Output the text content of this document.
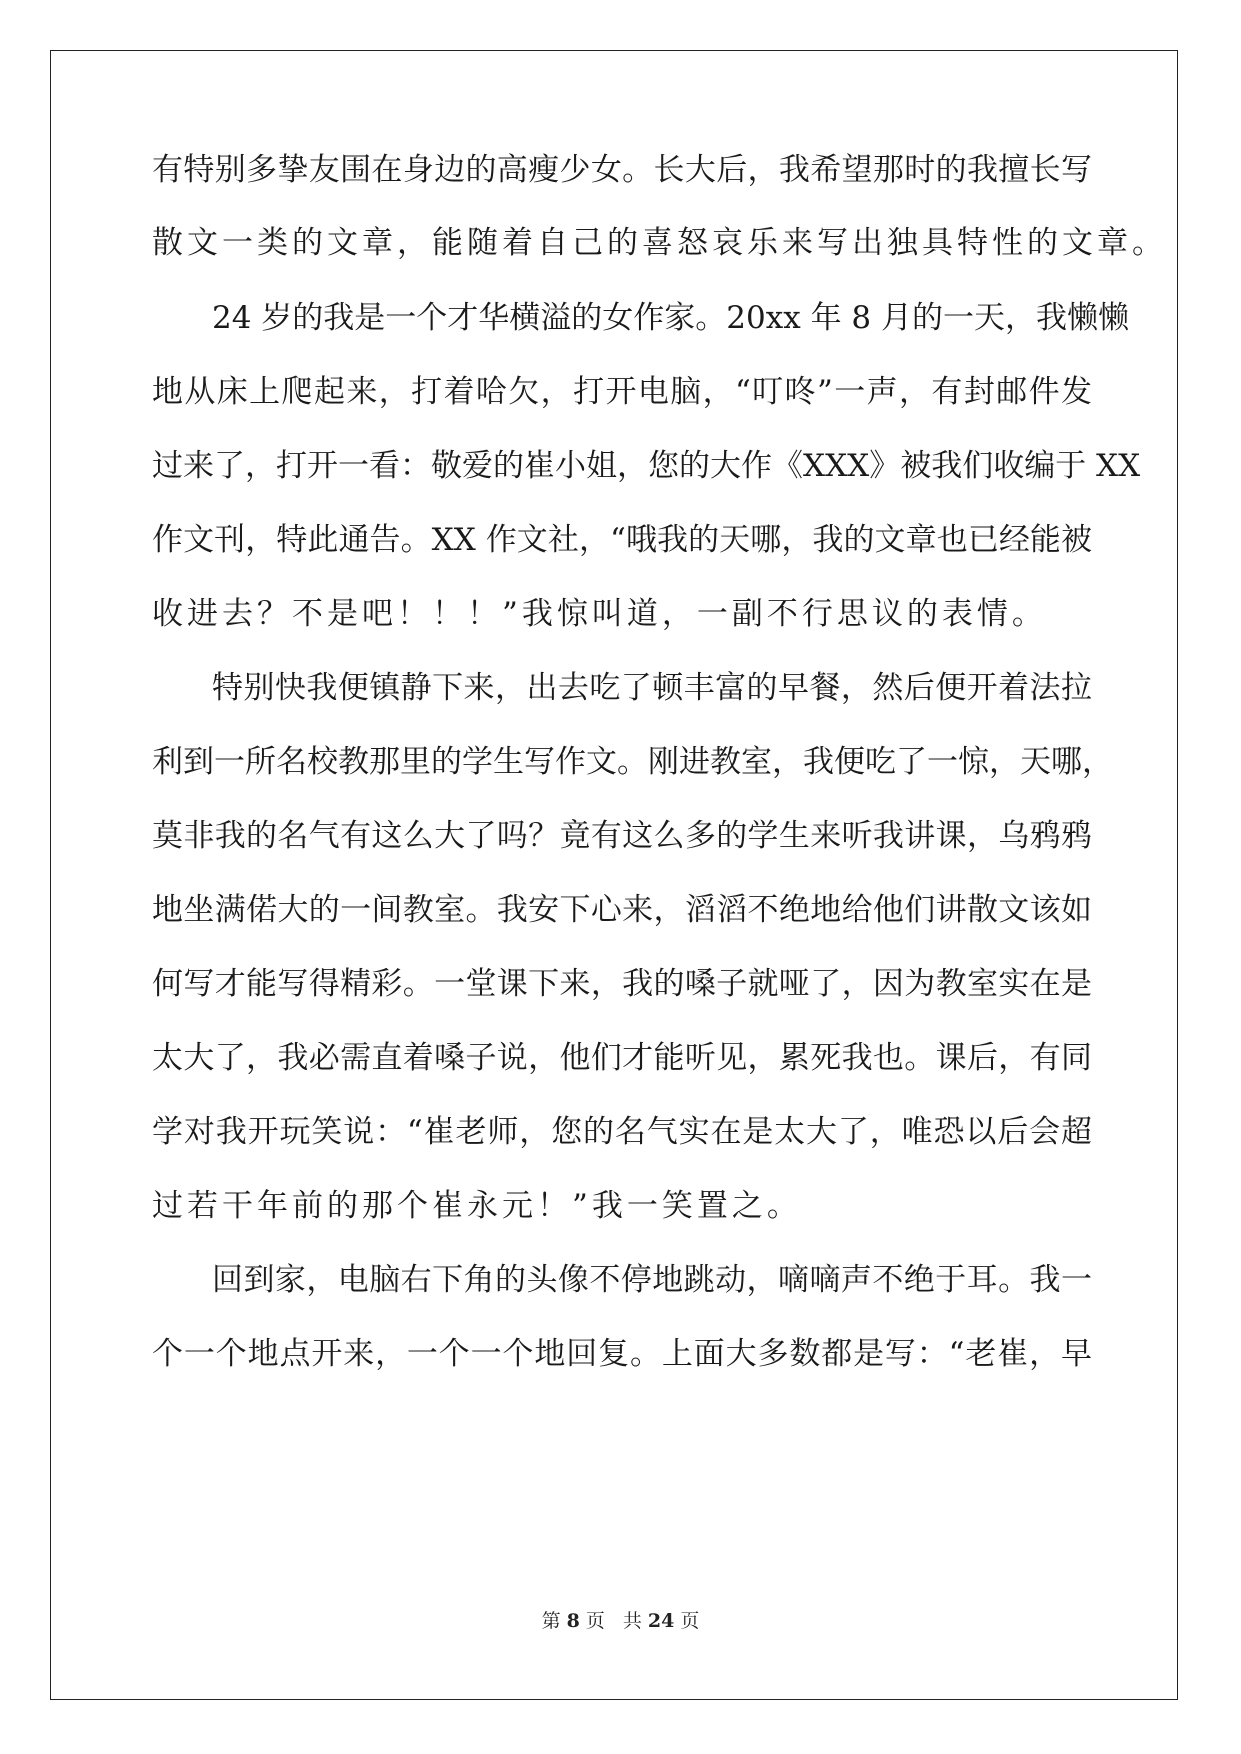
有特别多挚友围在身边的高瘦少女。长大后，我希望那时的我擅长写
散文一类的文章，能随着自己的喜怒哀乐来写出独具特性的文章。
24 岁的我是一个才华横溢的女作家。20xx 年 8 月的一天，我懒懒
地从床上爬起来，打着哈欠，打开电脑，“叮咚”一声，有封邮件发
过来了，打开一看：敬爱的崔小姐，您的大作《XXX》被我们收编于 XX
作文刊，特此通告。XX 作文社，“哦我的天哪，我的文章也已经能被
收进去？不是吧！！！”我惊叫道，一副不行思议的表情。
特别快我便镇静下来，出去吃了顿丰富的早餐，然后便开着法拉
利到一所名校教那里的学生写作文。刚进教室，我便吃了一惊，天哪，
莫非我的名气有这么大了吗？竟有这么多的学生来听我讲课，乌鸦鸦
地坐满偌大的一间教室。我安下心来，滔滔不绝地给他们讲散文该如
何写才能写得精彩。一堂课下来，我的嗓子就哑了，因为教室实在是
太大了，我必需直着嗓子说，他们才能听见，累死我也。课后，有同
学对我开玩笑说：“崔老师，您的名气实在是太大了，唯恐以后会超
过若干年前的那个崔永元！”我一笑置之。
回到家，电脑右下角的头像不停地跳动，嘀嘀声不绝于耳。我一
个一个地点开来，一个一个地回复。上面大多数都是写：“老崔，早
第 8 页 共 24 页
